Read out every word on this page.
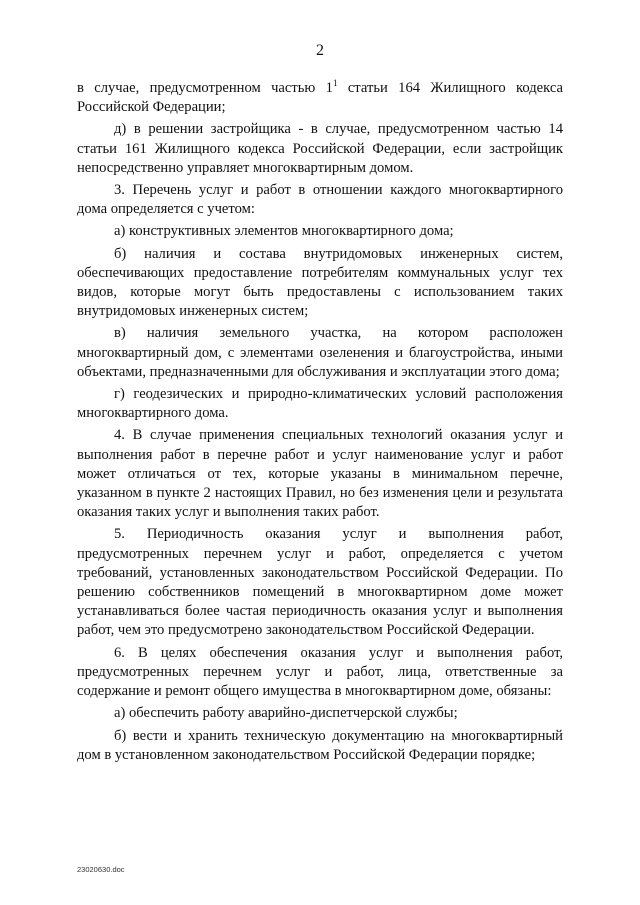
2

в случае, предусмотренном частью $1^1$ статьи 164 Жилищного кодекса Российской Федерации;

д) в решении застройщика - в случае, предусмотренном частью 14 статьи 161 Жилищного кодекса Российской Федерации, если застройщик непосредственно управляет многоквартирным домом.

3. Перечень услуг и работ в отношении каждого многоквартирного дома определяется с учетом:

а) конструктивных элементов многоквартирного дома;

б) наличия и состава внутридомовых инженерных систем, обеспечивающих предоставление потребителям коммунальных услуг тех видов, которые могут быть предоставлены с использованием таких внутридомовых инженерных систем;

в) наличия земельного участка, на котором расположен многоквартирный дом, с элементами озеленения и благоустройства, иными объектами, предназначенными для обслуживания и эксплуатации этого дома;

г) геодезических и природно-климатических условий расположения многоквартирного дома.

4. В случае применения специальных технологий оказания услуг и выполнения работ в перечне работ и услуг наименование услуг и работ может отличаться от тех, которые указаны в минимальном перечне, указанном в пункте 2 настоящих Правил, но без изменения цели и результата оказания таких услуг и выполнения таких работ.

5. Периодичность оказания услуг и выполнения работ, предусмотренных перечнем услуг и работ, определяется с учетом требований, установленных законодательством Российской Федерации. По решению собственников помещений в многоквартирном доме может устанавливаться более частая периодичность оказания услуг и выполнения работ, чем это предусмотрено законодательством Российской Федерации.

6. В целях обеспечения оказания услуг и выполнения работ, предусмотренных перечнем услуг и работ, лица, ответственные за содержание и ремонт общего имущества в многоквартирном доме, обязаны:

а) обеспечить работу аварийно-диспетчерской службы;

б) вести и хранить техническую документацию на многоквартирный дом в установленном законодательством Российской Федерации порядке;

23020630.doc
